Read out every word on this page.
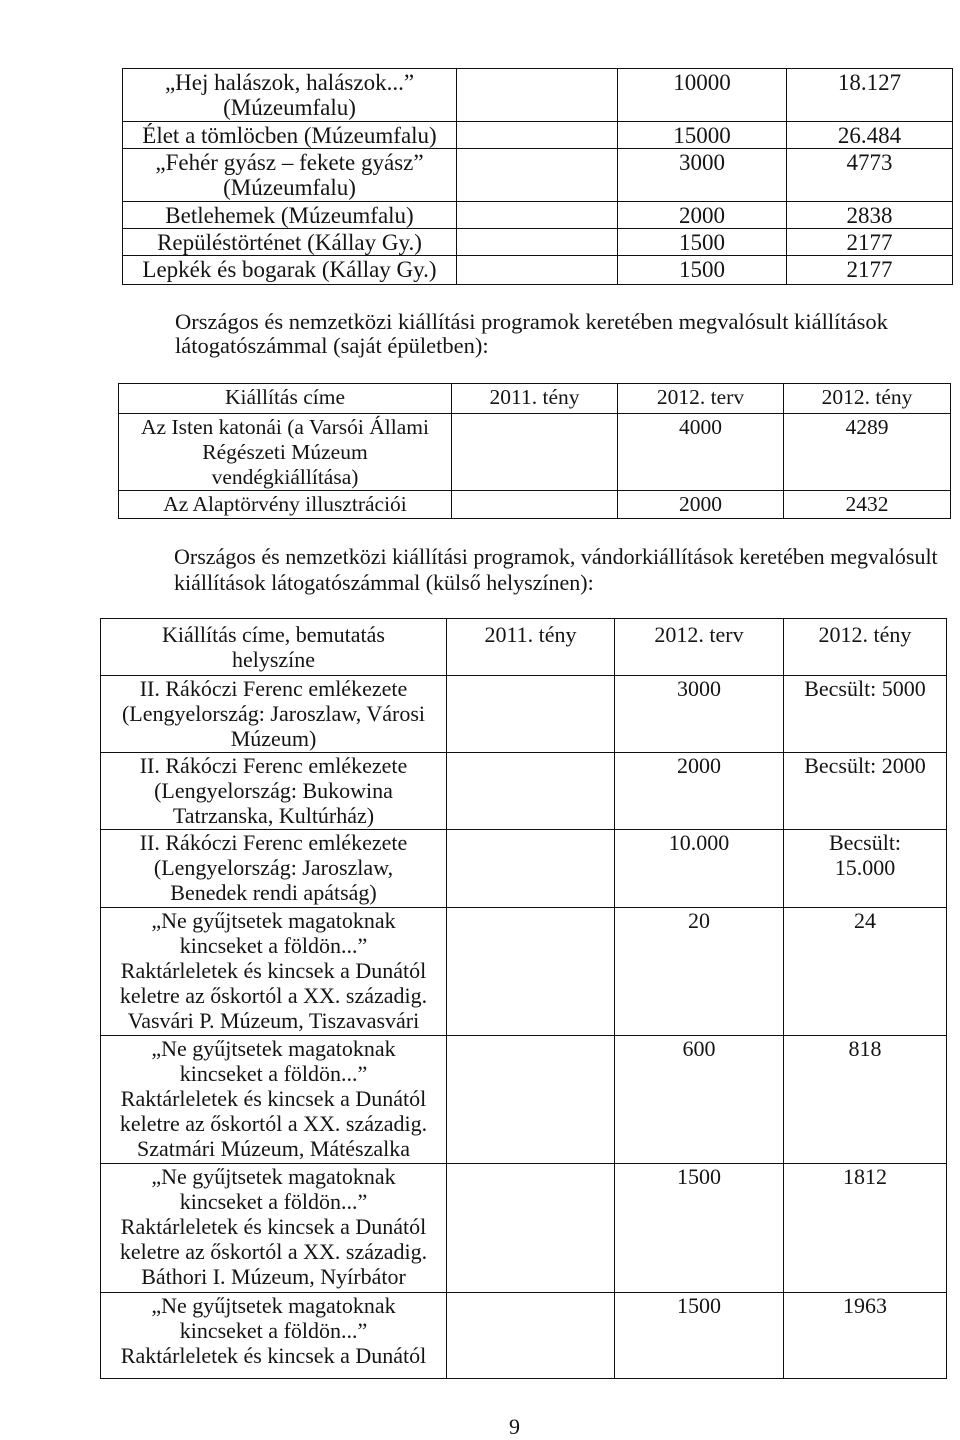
„Hej halászok, halászok...”
(Múzeumfalu)		10000	18.127

Élet a tömlöcben (Múzeumfalu)		15000	26.484

„Fehér gyász – fekete gyász”
(Múzeumfalu)		3000	4773

Betlehemek (Múzeumfalu)		2000	2838

Repüléstörténet (Kállay Gy.)		1500	2177

Lepkék és bogarak (Kállay Gy.)		1500	2177
Országos és nemzetközi kiállítási programok keretében megvalósult kiállítások
látogatószámmal (saját épületben):
Kiállítás címe	2011. tény	2012. terv	2012. tény

Az Isten katonái (a Varsói Állami
Régészeti Múzeum
vendégkiállítása)		4000	4289

Az Alaptörvény illusztrációi		2000	2432
Országos és nemzetközi kiállítási programok, vándorkiállítások keretében megvalósult
kiállítások látogatószámmal (külső helyszínen):
Kiállítás címe, bemutatás
helyszíne	2011. tény	2012. terv	2012. tény

II. Rákóczi Ferenc emlékezete
(Lengyelország: Jaroszlaw, Városi
Múzeum)		3000	Becsült: 5000

II. Rákóczi Ferenc emlékezete
(Lengyelország: Bukowina
Tatrzanska, Kultúrház)		2000	Becsült: 2000

II. Rákóczi Ferenc emlékezete
(Lengyelország: Jaroszlaw,
Benedek rendi apátság)		10.000	Becsült:
15.000

„Ne gyűjtsetek magatoknak
kincseket a földön...”
Raktárleletek és kincsek a Dunától
keletre az őskortól a XX. századig.
Vasvári P. Múzeum, Tiszavasvári		20	24

„Ne gyűjtsetek magatoknak
kincseket a földön...”
Raktárleletek és kincsek a Dunától
keletre az őskortól a XX. századig.
Szatmári Múzeum, Mátészalka		600	818

„Ne gyűjtsetek magatoknak
kincseket a földön...”
Raktárleletek és kincsek a Dunától
keletre az őskortól a XX. századig.
Báthori I. Múzeum, Nyírbátor		1500	1812

„Ne gyűjtsetek magatoknak
kincseket a földön...”
Raktárleletek és kincsek a Dunától		1500	1963
9
